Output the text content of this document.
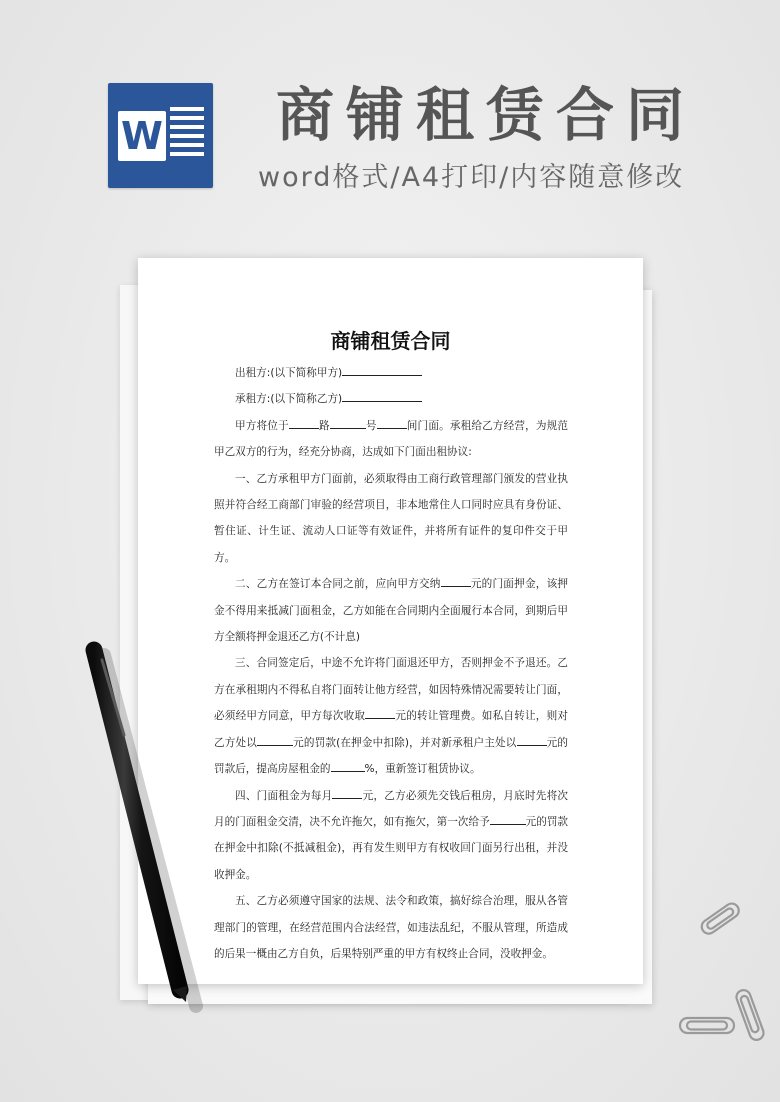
W 商铺租赁合同
word格式/A4打印/内容随意修改
商铺租赁合同

出租方:(以下简称甲方)

承租方:(以下简称乙方)

甲方将位于	路	号	间门面。承租给乙方经营，为规范甲乙双方的行为，经充分协商，达成如下门面出租协议:

一、乙方承租甲方门面前，必须取得由工商行政管理部门颁发的营业执照并符合经工商部门审验的经营项目，非本地常住人口同时应具有身份证、暂住证、计生证、流动人口证等有效证件，并将所有证件的复印件交于甲方。

二、乙方在签订本合同之前，应向甲方交纳	元的门面押金，该押金不得用来抵减门面租金，乙方如能在合同期内全面履行本合同，到期后甲方全额将押金退还乙方(不计息)

三、合同签定后，中途不允许将门面退还甲方，否则押金不予退还。乙方在承租期内不得私自将门面转让他方经营，如因特殊情况需要转让门面，必须经甲方同意，甲方每次收取	元的转让管理费。如私自转让，则对乙方处以	元的罚款(在押金中扣除)，并对新承租户主处以	元的罚款后，提高房屋租金的	%，重新签订租赁协议。

四、门面租金为每月	元，乙方必须先交钱后租房，月底时先将次月的门面租金交清，决不允许拖欠，如有拖欠，第一次给予	元的罚款在押金中扣除(不抵减租金)，再有发生则甲方有权收回门面另行出租，并没收押金。

五、乙方必须遵守国家的法规、法令和政策，搞好综合治理，服从各管理部门的管理，在经营范围内合法经营，如违法乱纪，不服从管理，所造成的后果一概由乙方自负，后果特别严重的甲方有权终止合同，没收押金。
